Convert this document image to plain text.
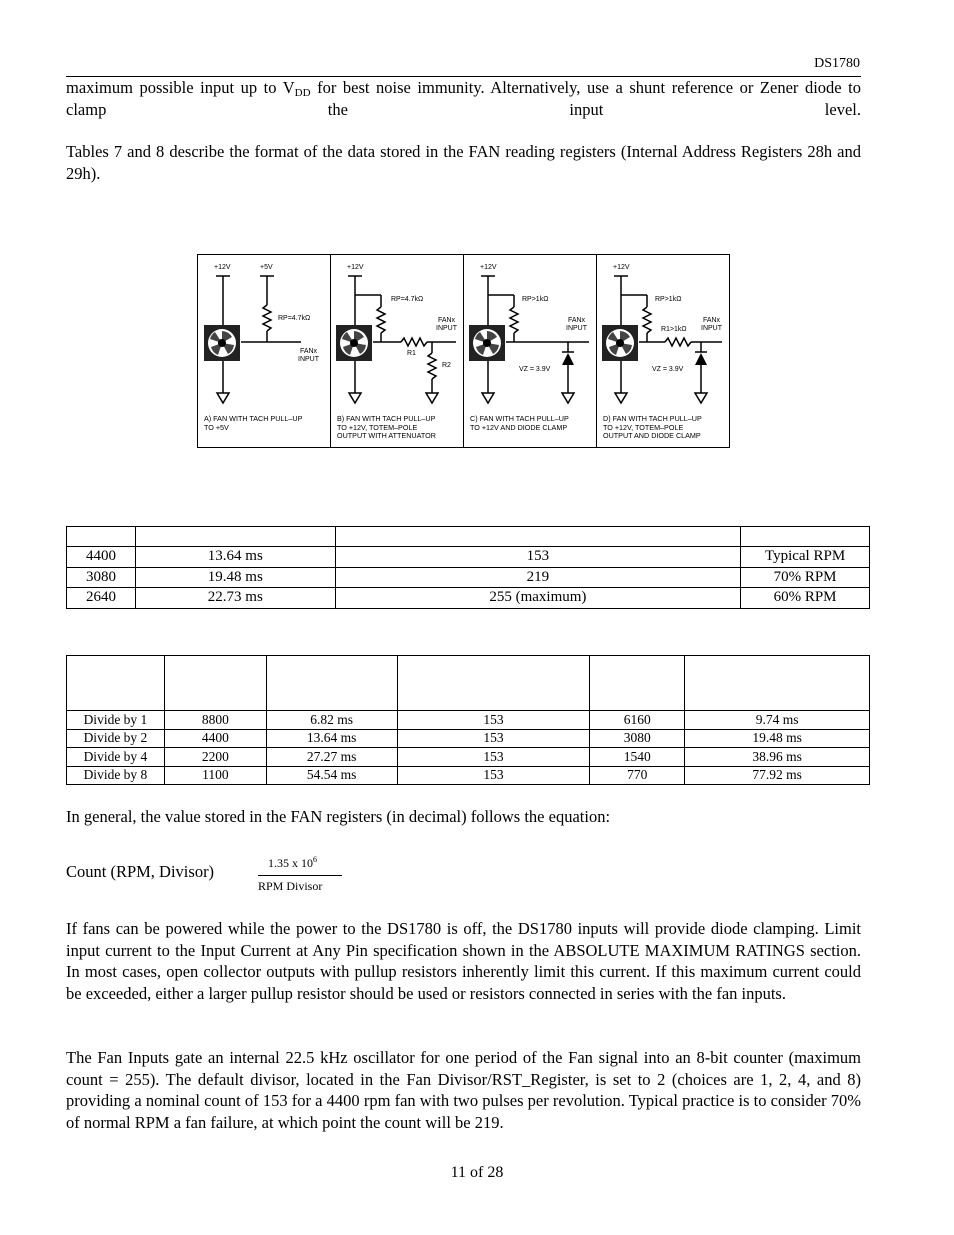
DS1780
maximum possible input up to $V_{DD}$ for best noise immunity. Alternatively, use a shunt reference or Zener diode to clamp the input level.
Tables 7 and 8 describe the format of the data stored in the FAN reading registers (Internal Address Registers 28h and 29h).
+12V	+5V
RP=4.7kΩ
FANx
INPUT
A) FAN WITH TACH PULL–UP
TO +5V
+12V
RP=4.7kΩ
FANx
INPUT
R1
R2
B) FAN WITH TACH PULL–UP
TO +12V, TOTEM–POLE
OUTPUT WITH ATTENUATOR
+12V
RP>1kΩ
FANx
INPUT
VZ = 3.9V
C) FAN WITH TACH PULL–UP
TO +12V AND DIODE CLAMP
+12V
RP>1kΩ
FANx
INPUT
R1>1kΩ
VZ = 3.9V
D) FAN WITH TACH PULL–UP
TO +12V, TOTEM–POLE
OUTPUT AND DIODE CLAMP

4400	13.64 ms	153	Typical RPM
3080	19.48 ms	219	70% RPM
2640	22.73 ms	255 (maximum)	60% RPM

Divide by 1	8800	6.82 ms	153	6160	9.74 ms
Divide by 2	4400	13.64 ms	153	3080	19.48 ms
Divide by 4	2200	27.27 ms	153	1540	38.96 ms
Divide by 8	1100	54.54 ms	153	770	77.92 ms
In general, the value stored in the FAN registers (in decimal) follows the equation:
Count (RPM, Divisor)	1.35 x $10^6$
RPM Divisor
If fans can be powered while the power to the DS1780 is off, the DS1780 inputs will provide diode clamping. Limit input current to the Input Current at Any Pin specification shown in the ABSOLUTE MAXIMUM RATINGS section. In most cases, open collector outputs with pullup resistors inherently limit this current. If this maximum current could be exceeded, either a larger pullup resistor should be used or resistors connected in series with the fan inputs.
The Fan Inputs gate an internal 22.5 kHz oscillator for one period of the Fan signal into an 8-bit counter (maximum count = 255). The default divisor, located in the Fan Divisor/RST_Register, is set to 2 (choices are 1, 2, 4, and 8) providing a nominal count of 153 for a 4400 rpm fan with two pulses per revolution. Typical practice is to consider 70% of normal RPM a fan failure, at which point the count will be 219.
11 of 28
